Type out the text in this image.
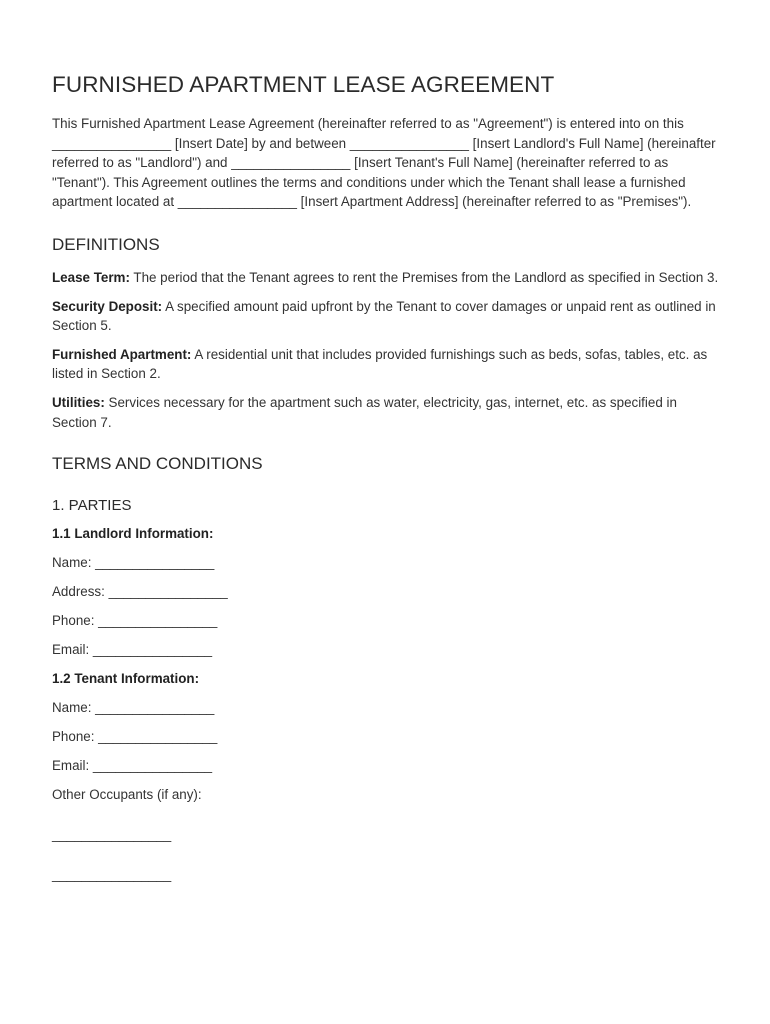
FURNISHED APARTMENT LEASE AGREEMENT

This Furnished Apartment Lease Agreement (hereinafter referred to as "Agreement") is entered into on this ________________ [Insert Date] by and between ________________ [Insert Landlord's Full Name] (hereinafter referred to as "Landlord") and ________________ [Insert Tenant's Full Name] (hereinafter referred to as "Tenant"). This Agreement outlines the terms and conditions under which the Tenant shall lease a furnished apartment located at ________________ [Insert Apartment Address] (hereinafter referred to as "Premises").

DEFINITIONS

Lease Term: The period that the Tenant agrees to rent the Premises from the Landlord as specified in Section 3.

Security Deposit: A specified amount paid upfront by the Tenant to cover damages or unpaid rent as outlined in Section 5.

Furnished Apartment: A residential unit that includes provided furnishings such as beds, sofas, tables, etc. as listed in Section 2.

Utilities: Services necessary for the apartment such as water, electricity, gas, internet, etc. as specified in Section 7.

TERMS AND CONDITIONS
1. PARTIES
1.1 Landlord Information:

Name: ________________

Address: ________________

Phone: ________________

Email: ________________

1.2 Tenant Information:

Name: ________________

Phone: ________________

Email: ________________

Other Occupants (if any):

________________

________________
